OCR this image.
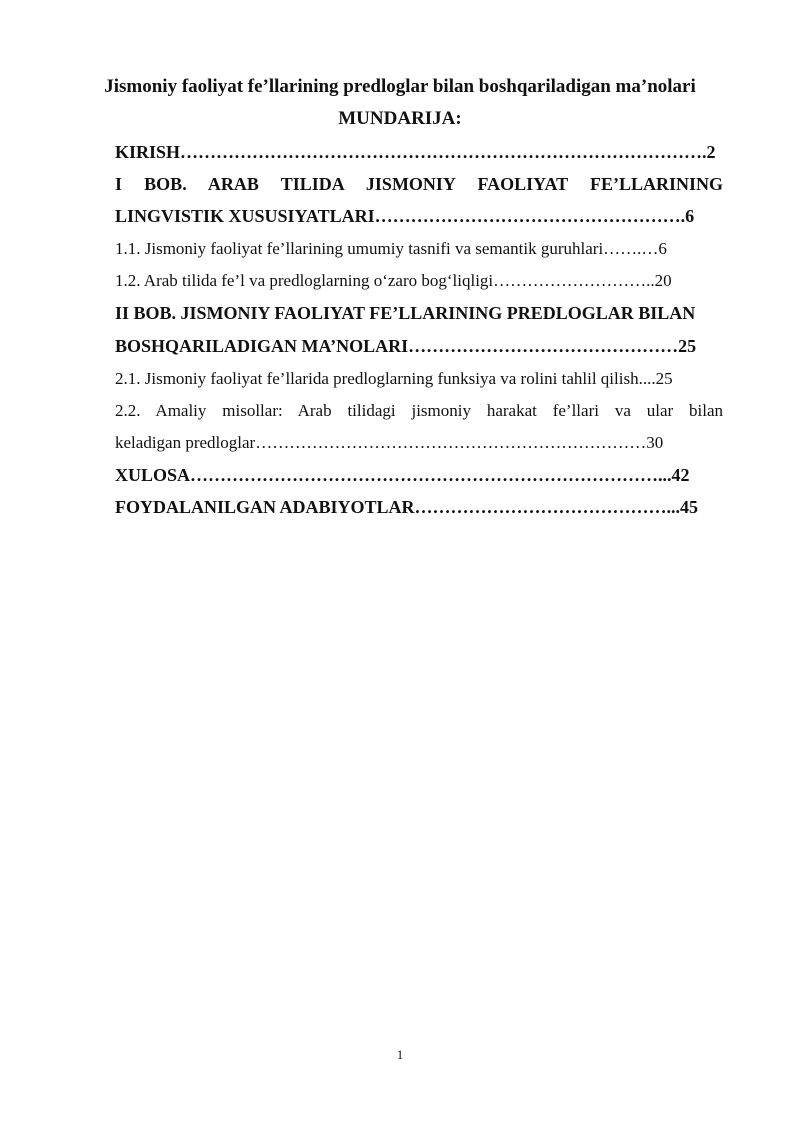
Jismoniy faoliyat fe’llarining predloglar bilan boshqariladigan ma’nolari
MUNDARIJA:
KIRISH…………………………………………………………………………….2
I BOB. ARAB TILIDA JISMONIY FAOLIYAT FE’LLARINING
LINGVISTIK XUSUSIYATLARI…………………………………………….6
1.1. Jismoniy faoliyat fe’llarining umumiy tasnifi va semantik guruhlari…….…6
1.2. Arab tilida fe’l va predloglarning o‘zaro bog‘liqligi………………………..20
II BOB. JISMONIY FAOLIYAT FE’LLARINING PREDLOGLAR BILAN
BOSHQARILADIGAN MA’NOLARI………………………………………25
2.1. Jismoniy faoliyat fe’llarida predloglarning funksiya va rolini tahlil qilish....25
2.2. Amaliy misollar: Arab tilidagi jismoniy harakat fe’llari va ular bilan
keladigan predloglar……………………………………………………………30
XULOSA……………………………………………………………………...42
FOYDALANILGAN ADABIYOTLAR……………………………………...45
1
